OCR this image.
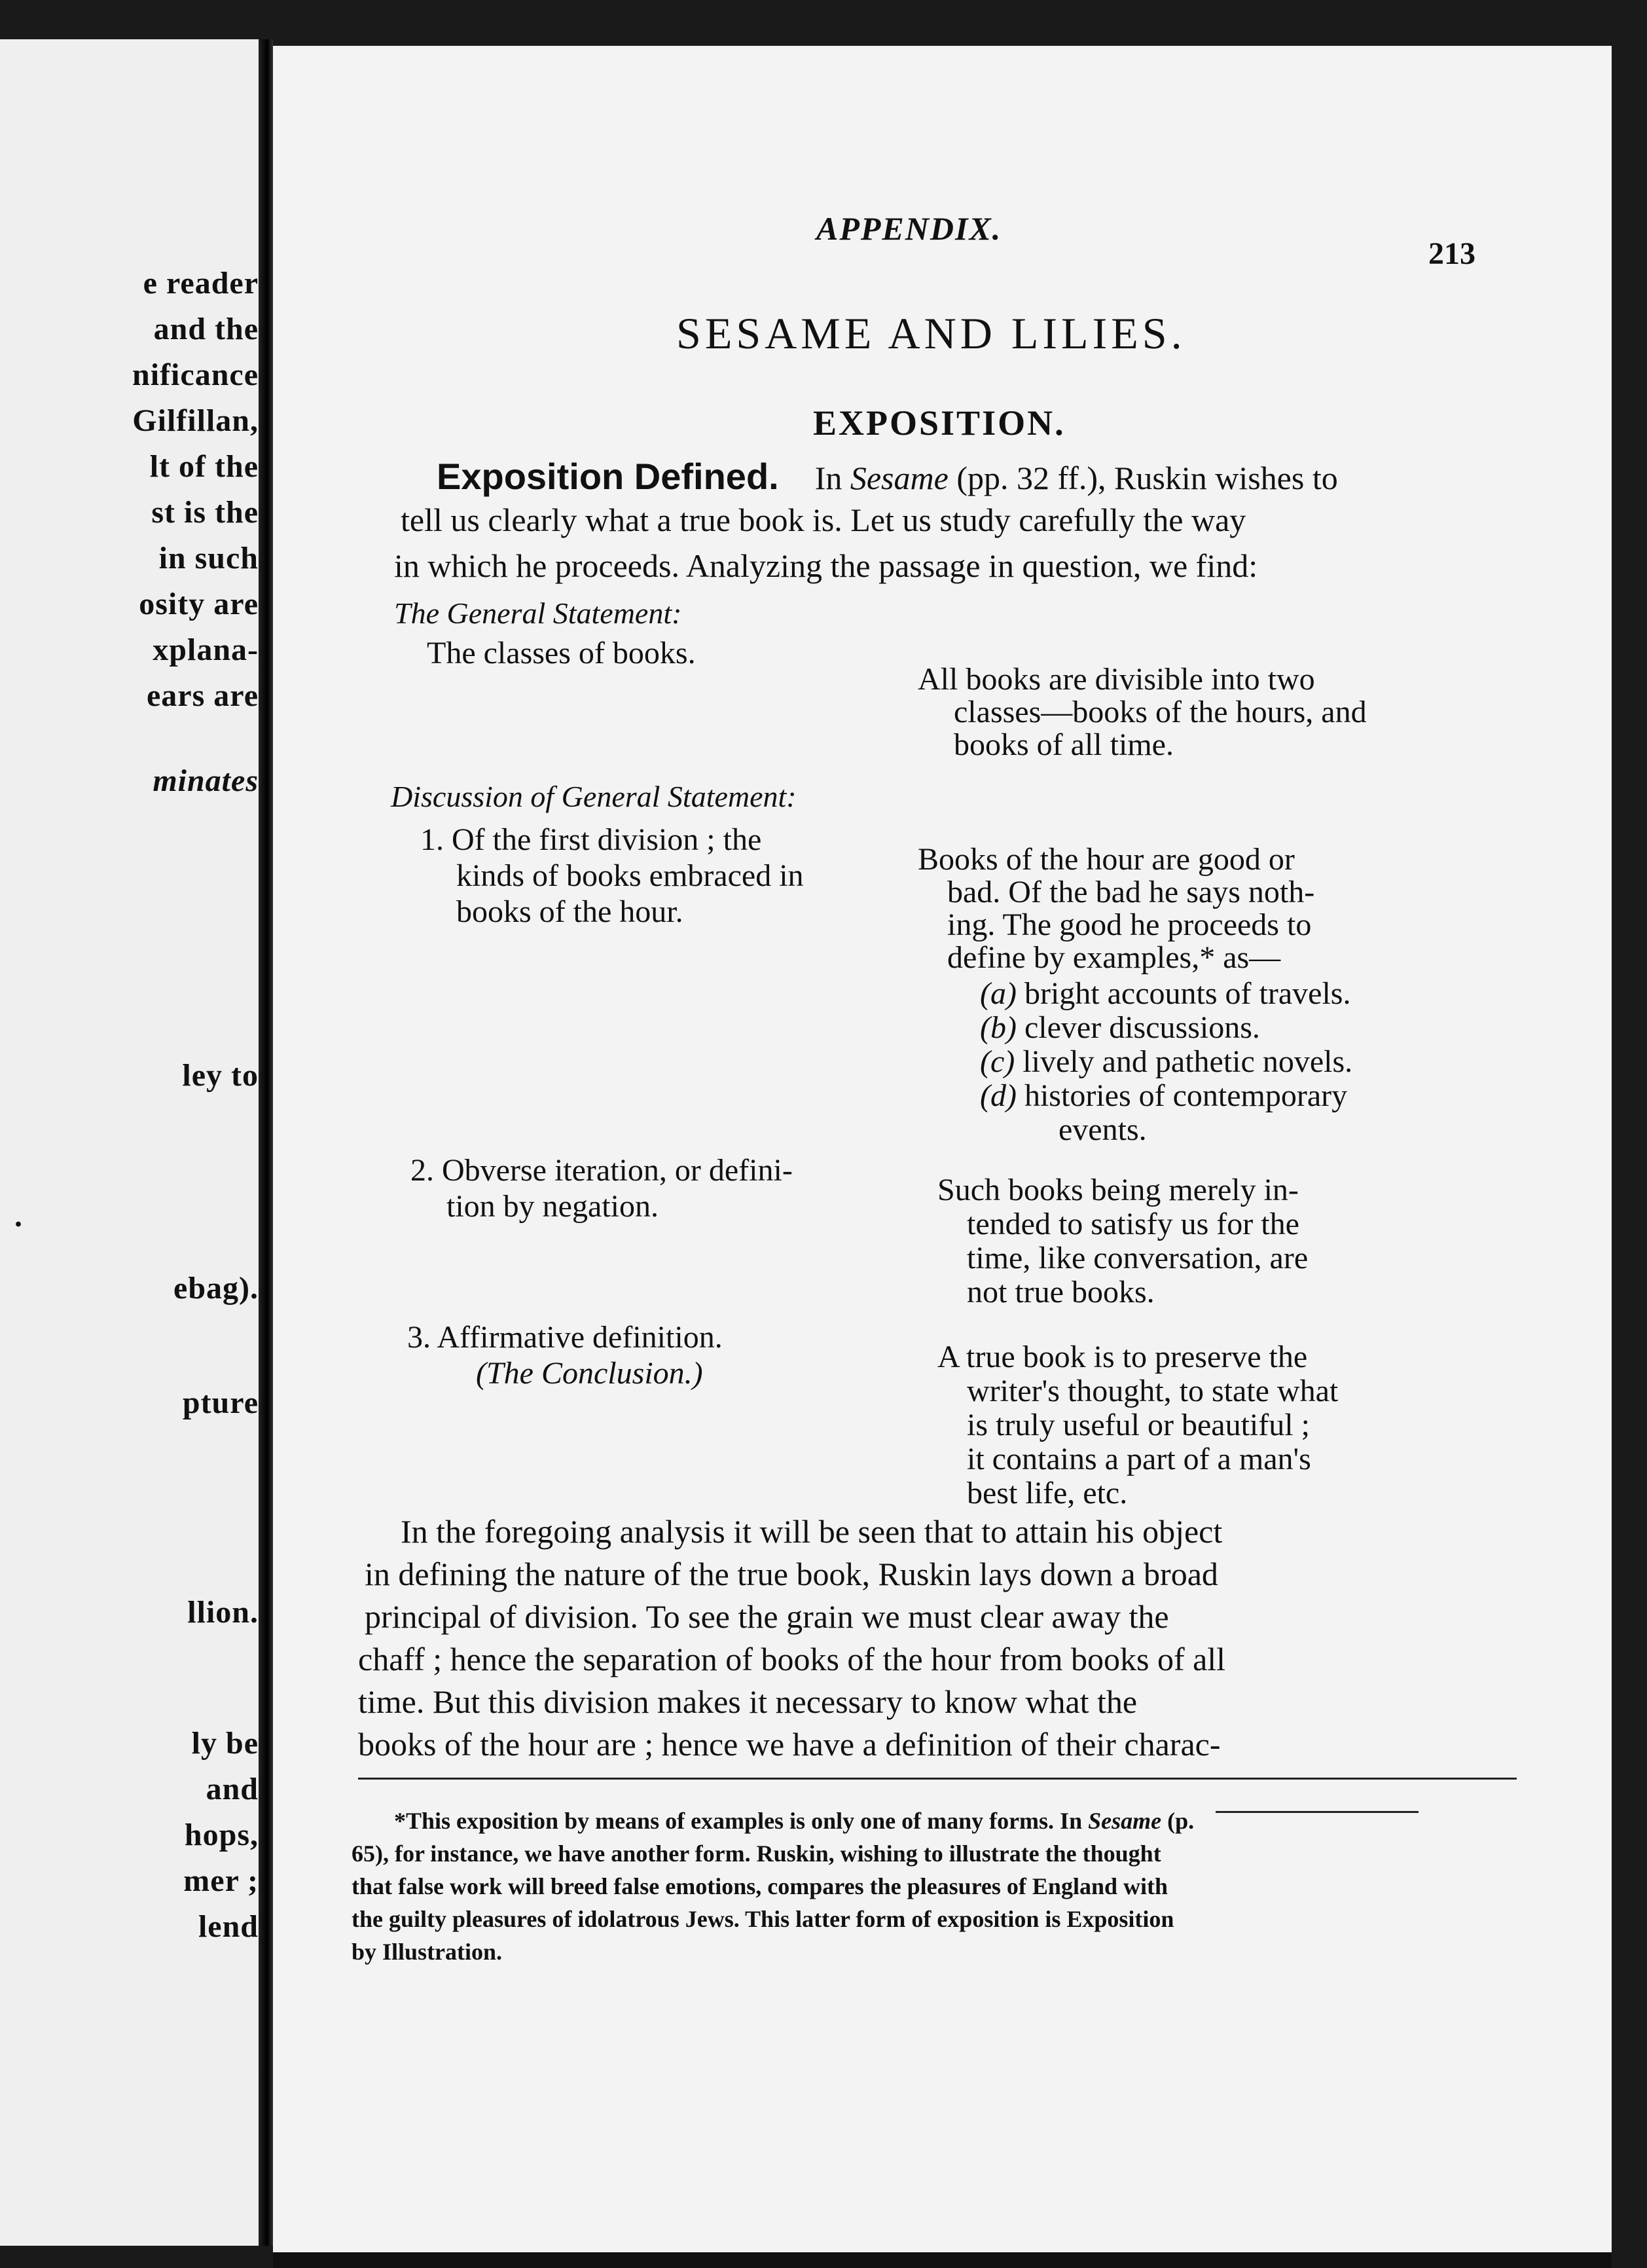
e reader
and the
nificance
Gilfillan,
lt of the
st is the
in such
osity are
xplana-
ears are
minates
ley to
.
ebag).
pture
llion.
ly be
and
hops,
mer ;
lend
APPENDIX.
213
SESAME AND LILIES.
EXPOSITION.
Exposition Defined. In Sesame (pp. 32 ff.), Ruskin wishes to
tell us clearly what a true book is. Let us study carefully the way
in which he proceeds. Analyzing the passage in question, we find:
The General Statement:
The classes of books.
All books are divisible into two
classes—books of the hours, and
books of all time.
Discussion of General Statement:
1. Of the first division ; the
kinds of books embraced in
books of the hour.
Books of the hour are good or
bad. Of the bad he says noth-
ing. The good he proceeds to
define by examples,* as—
(a) bright accounts of travels.
(b) clever discussions.
(c) lively and pathetic novels.
(d) histories of contemporary
events.
2. Obverse iteration, or defini-
tion by negation.	Such books being merely in-
tended to satisfy us for the
time, like conversation, are
not true books.
3. Affirmative definition.
(The Conclusion.)	A true book is to preserve the
writer's thought, to state what
is truly useful or beautiful ;
it contains a part of a man's
best life, etc.
In the foregoing analysis it will be seen that to attain his object
in defining the nature of the true book, Ruskin lays down a broad
principal of division. To see the grain we must clear away the
chaff ; hence the separation of books of the hour from books of all
time. But this division makes it necessary to know what the
books of the hour are ; hence we have a definition of their charac-
*This exposition by means of examples is only one of many forms. In Sesame (p.
65), for instance, we have another form. Ruskin, wishing to illustrate the thought
that false work will breed false emotions, compares the pleasures of England with
the guilty pleasures of idolatrous Jews. This latter form of exposition is Exposition
by Illustration.
